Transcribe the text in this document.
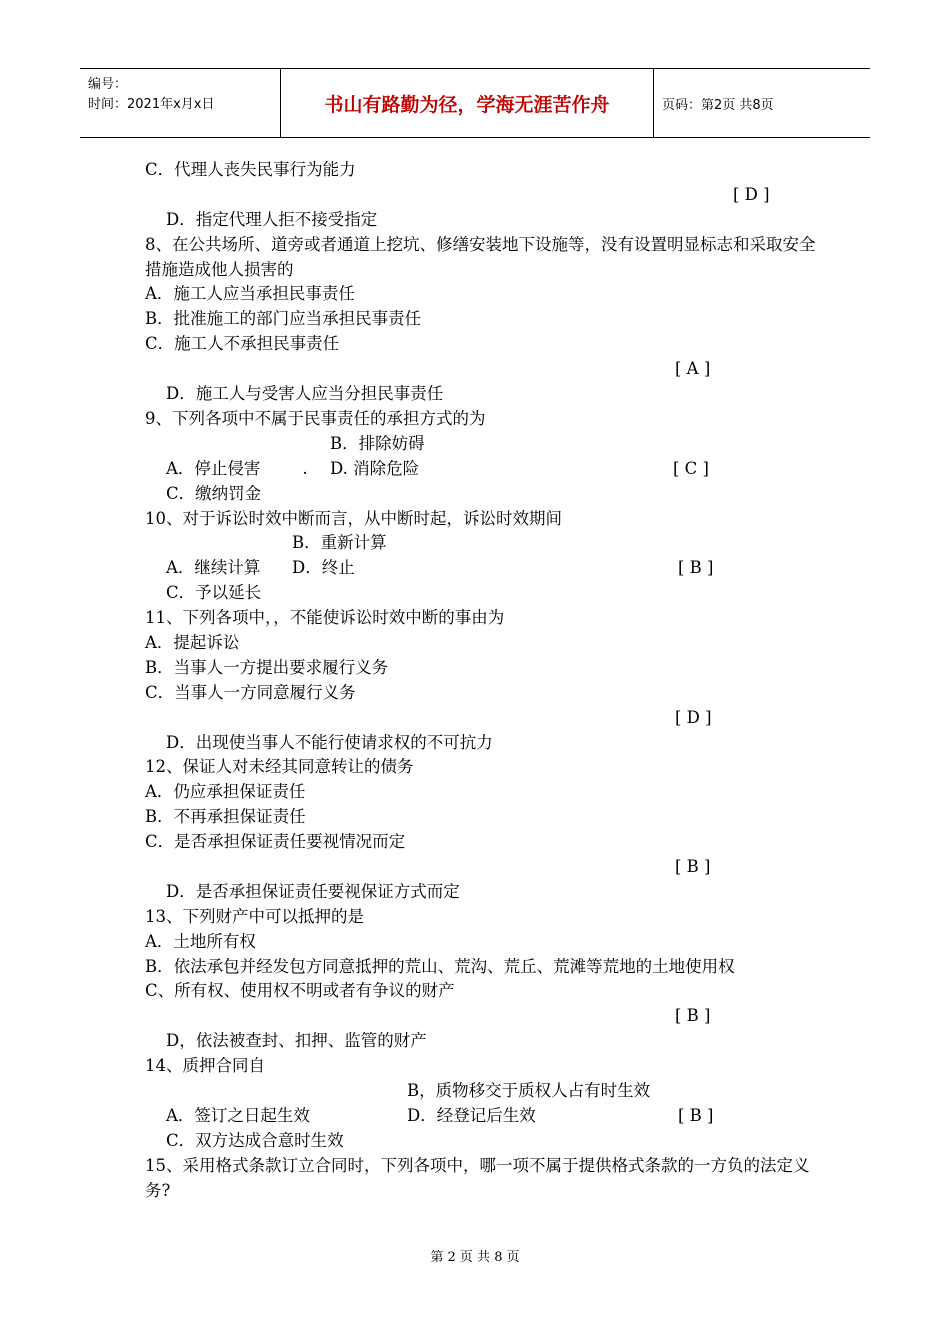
编号：
时间：2021年x月x日	书山有路勤为径，学海无涯苦作舟	页码：第2页 共8页
C．代理人丧失民事行为能力

D．指定代理人拒不接受指定

[ D ]

8、在公共场所、道旁或者通道上挖坑、修缮安装地下设施等，没有设置明显标志和采取安全措施造成他人损害的
A．施工人应当承担民事责任
B．批准施工的部门应当承担民事责任
C．施工人不承担民事责任

D．施工人与受害人应当分担民事责任

[ A ]

9、下列各项中不属于民事责任的承担方式的为

A．停止侵害        .

B．排除妨碍

C．缴纳罚金

D. 消除危险

	[ C ]

10、对于诉讼时效中断而言，从中断时起，诉讼时效期间

A．继续计算

B．重新计算

C．予以延长

D．终止

	[ B ]

11、下列各项中，，不能使诉讼时效中断的事由为
A．提起诉讼
B．当事人一方提出要求履行义务
C．当事人一方同意履行义务

D．出现使当事人不能行使请求权的不可抗力

[ D ]

12、保证人对未经其同意转让的债务
A．仍应承担保证责任
B．不再承担保证责任
C．是否承担保证责任要视情况而定

D．是否承担保证责任要视保证方式而定

[ B ]

13、下列财产中可以抵押的是
A．土地所有权
B．依法承包并经发包方同意抵押的荒山、荒沟、荒丘、荒滩等荒地的土地使用权
C、所有权、使用权不明或者有争议的财产

D，依法被查封、扣押、监管的财产

[ B ]

14、质押合同自

A．签订之日起生效

B，质物移交于质权人占有时生效

C．双方达成合意时生效

D．经登记后生效

	[ B ]

15、采用格式条款订立合同时，下列各项中，哪一项不属于提供格式条款的一方负的法定义务?
第 2 页 共 8 页
